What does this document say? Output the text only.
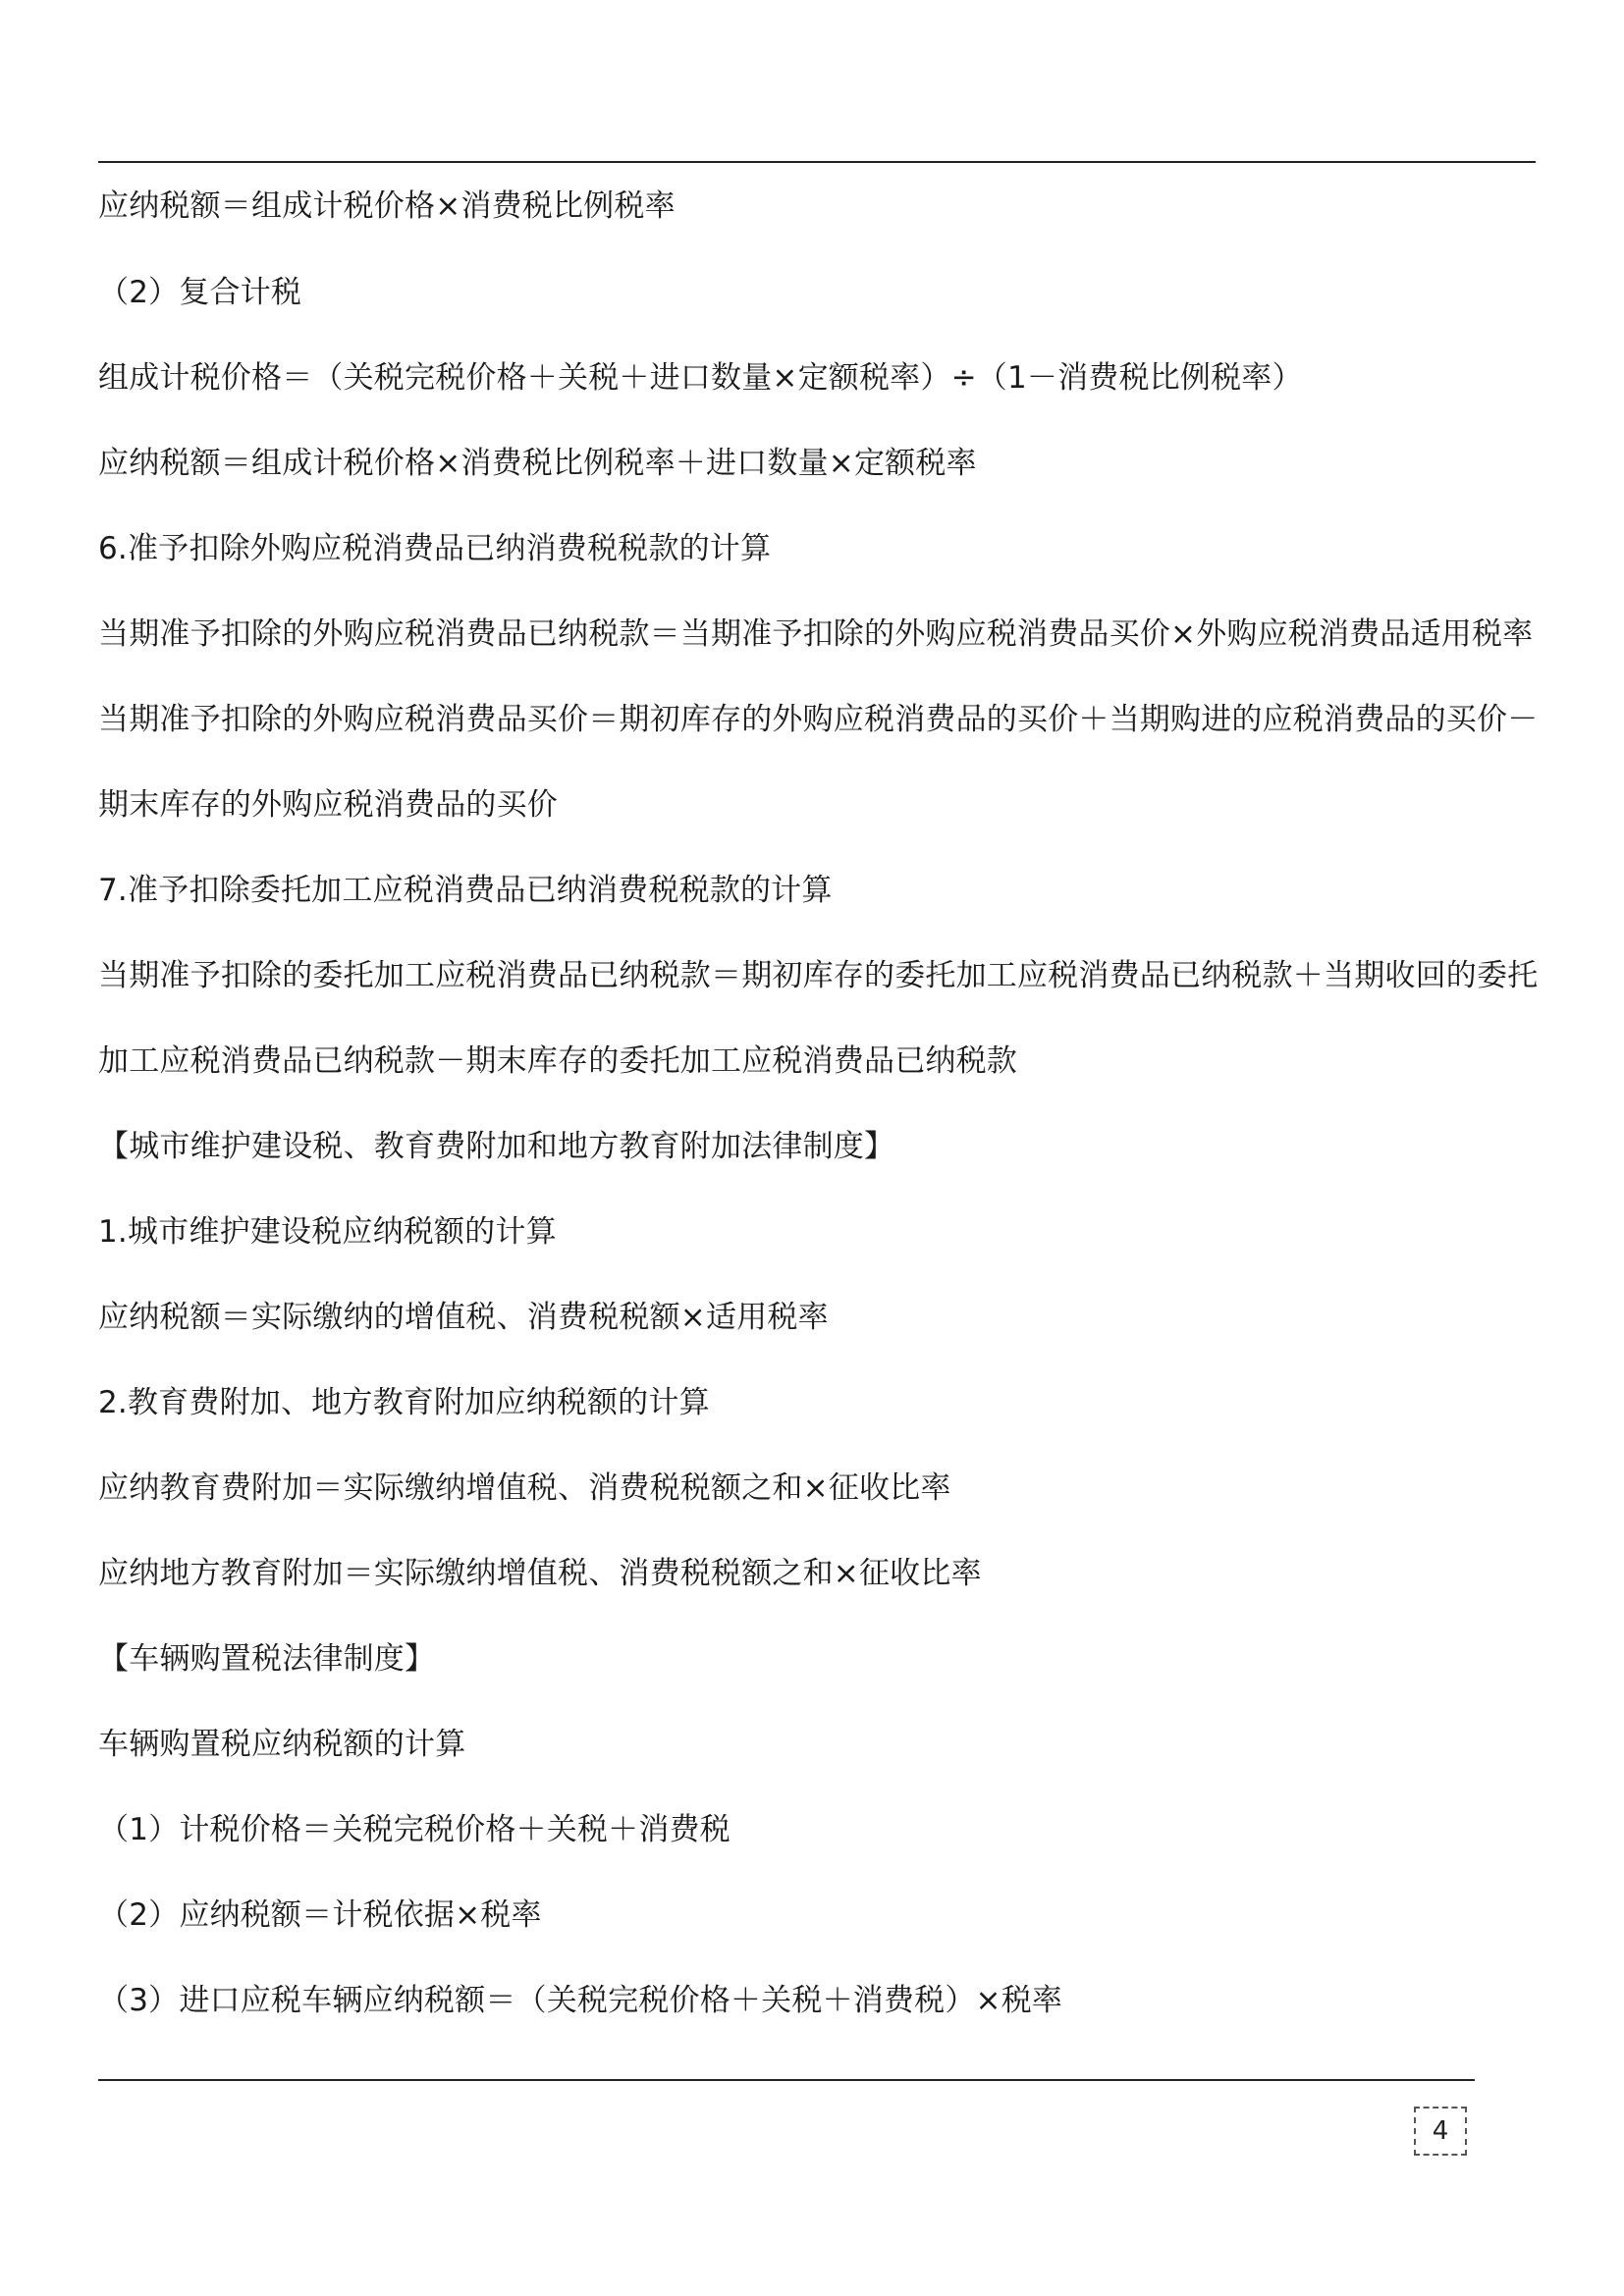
应纳税额＝组成计税价格×消费税比例税率
（2）复合计税
组成计税价格＝（关税完税价格＋关税＋进口数量×定额税率）÷（1－消费税比例税率）
应纳税额＝组成计税价格×消费税比例税率＋进口数量×定额税率
6.准予扣除外购应税消费品已纳消费税税款的计算
当期准予扣除的外购应税消费品已纳税款＝当期准予扣除的外购应税消费品买价×外购应税消费品适用税率
当期准予扣除的外购应税消费品买价＝期初库存的外购应税消费品的买价＋当期购进的应税消费品的买价－
期末库存的外购应税消费品的买价
7.准予扣除委托加工应税消费品已纳消费税税款的计算
当期准予扣除的委托加工应税消费品已纳税款＝期初库存的委托加工应税消费品已纳税款＋当期收回的委托
加工应税消费品已纳税款－期末库存的委托加工应税消费品已纳税款
【城市维护建设税、教育费附加和地方教育附加法律制度】
1.城市维护建设税应纳税额的计算
应纳税额＝实际缴纳的增值税、消费税税额×适用税率
2.教育费附加、地方教育附加应纳税额的计算
应纳教育费附加＝实际缴纳增值税、消费税税额之和×征收比率
应纳地方教育附加＝实际缴纳增值税、消费税税额之和×征收比率
【车辆购置税法律制度】
车辆购置税应纳税额的计算
（1）计税价格＝关税完税价格＋关税＋消费税
（2）应纳税额＝计税依据×税率
（3）进口应税车辆应纳税额＝（关税完税价格＋关税＋消费税）×税率
4
